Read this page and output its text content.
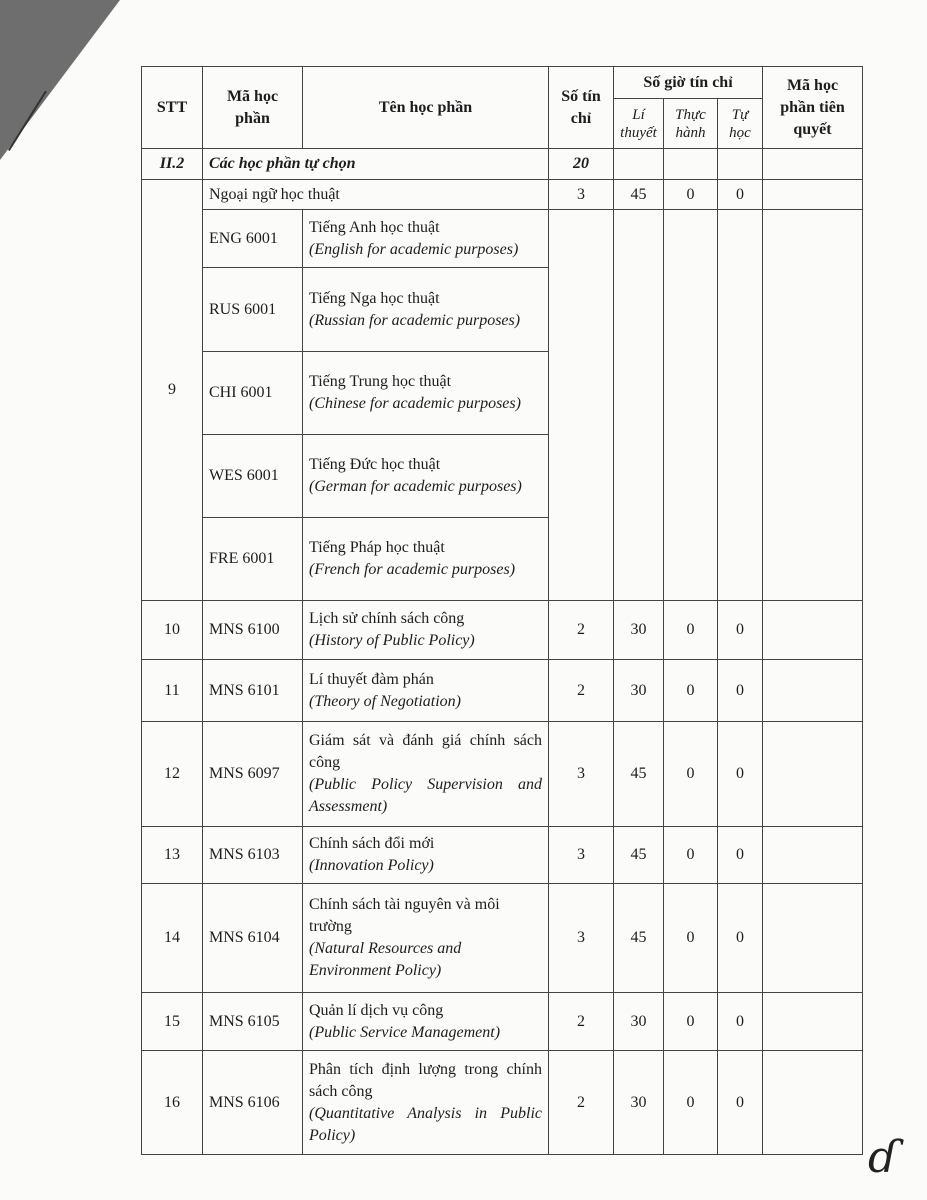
STT	Mã học phần	Tên học phần	Số tín chỉ	Số giờ tín chỉ			Mã học phần tiên quyết
				Lí thuyết	Thực hành	Tự học	
II.2	Các học phần tự chọn		20				
9	Ngoại ngữ học thuật		3	45	0	0	
	ENG 6001	Tiếng Anh học thuật
(English for academic purposes)					

	RUS 6001	Tiếng Nga học thuật
(Russian for academic purposes)					

	CHI 6001	Tiếng Trung học thuật
(Chinese for academic purposes)					

	WES 6001	Tiếng Đức học thuật
(German for academic purposes)					

	FRE 6001	Tiếng Pháp học thuật
(French for academic purposes)					

10	MNS 6100	Lịch sử chính sách công
(History of Public Policy)	2	30	0	0	
11	MNS 6101	Lí thuyết đàm phán
(Theory of Negotiation)	2	30	0	0	
12	MNS 6097	Giám sát và đánh giá chính sách công
(Public Policy Supervision and Assessment)	3	45	0	0	
13	MNS 6103	Chính sách đổi mới
(Innovation Policy)	3	45	0	0	
14	MNS 6104	Chính sách tài nguyên và môi trường
(Natural Resources and Environment Policy)	3	45	0	0	
15	MNS 6105	Quản lí dịch vụ công
(Public Service Management)	2	30	0	0	
16	MNS 6106	Phân tích định lượng trong chính sách công
(Quantitative Analysis in Public Policy)	2	30	0	0	
ɗ
